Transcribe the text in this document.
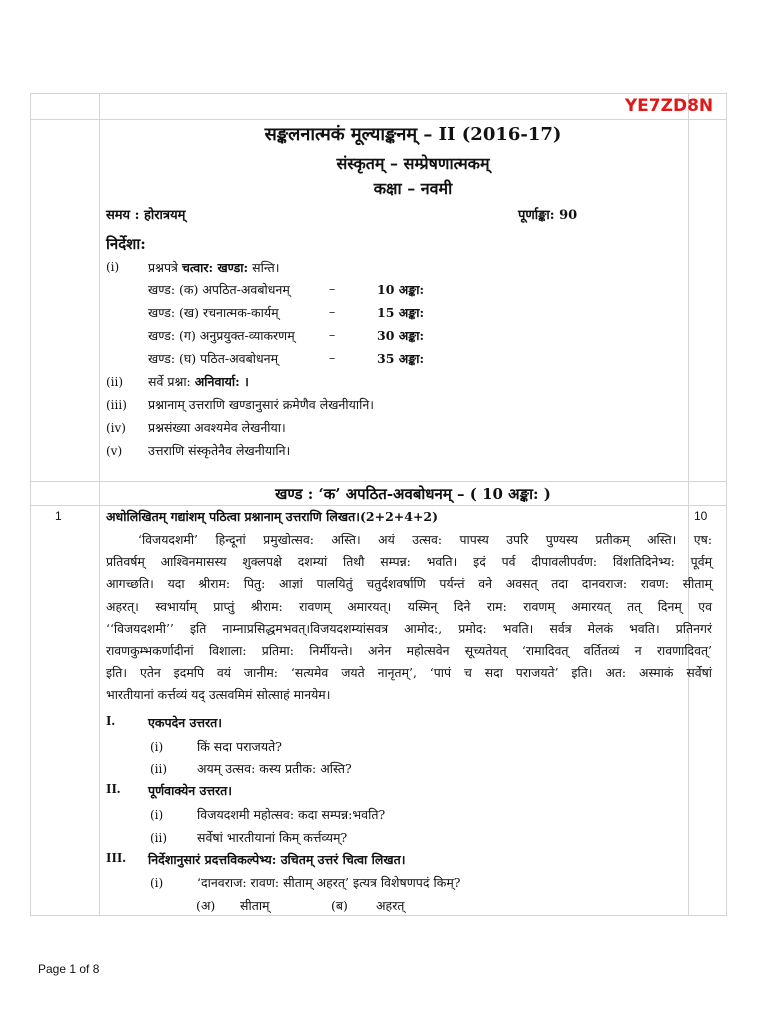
YE7ZD8N
सङ्कलनात्मकं मूल्याङ्कनम् – II (2016-17)
संस्कृतम् – सम्प्रेषणात्मकम्
कक्षा – नवमी
समय : होरात्रयम्	पूर्णाङ्का: 90
निर्देशा:
(i) प्रश्नपत्रे चत्वार: खण्डा: सन्ति।
खण्ड: (क) अपठित-अवबोधनम्	–	10 अङ्का:
खण्ड: (ख) रचनात्मक-कार्यम्	–	15 अङ्का:
खण्ड: (ग) अनुप्रयुक्त-व्याकरणम्	–	30 अङ्का:
खण्ड: (घ) पठित-अवबोधनम्	–	35 अङ्का:
(ii) सर्वे प्रश्ना: अनिवार्या: ।
(iii) प्रश्नानाम् उत्तराणि खण्डानुसारं क्रमेणैव लेखनीयानि।
(iv) प्रश्नसंख्या अवश्यमेव लेखनीया।
(v) उत्तराणि संस्कृतेनैव लेखनीयानि।
खण्ड : ‘क’ अपठित-अवबोधनम् – ( 10 अङ्का: )
1	10
अधोलिखितम् गद्यांशम् पठित्वा प्रश्नानाम् उत्तराणि लिखत।(2+2+4+2)

‘विजयदशमी’ हिन्दूनां प्रमुखोत्सव: अस्ति। अयं उत्सव: पापस्य उपरि पुण्यस्य प्रतीकम् अस्ति। एष:

प्रतिवर्षम् आश्विनमासस्य शुक्लपक्षे दशम्यां तिथौ सम्पन्न: भवति। इदं पर्व दीपावलीपर्वण: विंशतिदिनेभ्य: पूर्वम्

आगच्छति। यदा श्रीराम: पितु: आज्ञां पालयितुं चतुर्दशवर्षाणि पर्यन्तं वने अवसत् तदा दानवराज: रावण: सीताम्

अहरत्। स्वभार्याम् प्राप्तुं श्रीराम: रावणम् अमारयत्। यस्मिन् दिने राम: रावणम् अमारयत् तत् दिनम् एव

‘‘विजयदशमी’’ इति नाम्नाप्रसिद्धमभवत्।विजयदशम्यांसवत्र आमोद:, प्रमोद: भवति। सर्वत्र मेलकं भवति। प्रतिनगरं

रावणकुम्भकर्णादीनां विशाला: प्रतिमा: निर्मीयन्ते। अनेन महोत्सवेन सूच्यतेयत् ‘रामादिवत् वर्तितव्यं न रावणादिवत्’

इति। एतेन इदमपि वयं जानीम: ‘सत्यमेव जयते नानृतम्’, ‘पापं च सदा पराजयते’ इति। अत: अस्माकं सर्वेषां

भारतीयानां कर्त्तव्यं यद् उत्सवमिमं सोत्साहं मानयेम।

I.	एकपदेन उत्तरत।
(i)	किं सदा पराजयते?
(ii) अयम् उत्सव: कस्य प्रतीक: अस्ति?
II. पूर्णवाक्येन उत्तरत।
(i)	विजयदशमी महोत्सव: कदा सम्पन्न:भवति?
(ii) सर्वेषां भारतीयानां किम् कर्त्तव्यम्?
III. निर्देशानुसारं प्रदत्तविकल्पेभ्य: उचितम् उत्तरं चित्वा लिखत।
(i)	‘दानवराज: रावण: सीताम् अहरत्’ इत्यत्र विशेषणपदं किम्?
(अ) सीताम्	(ब) अहरत्
Page 1 of 8
